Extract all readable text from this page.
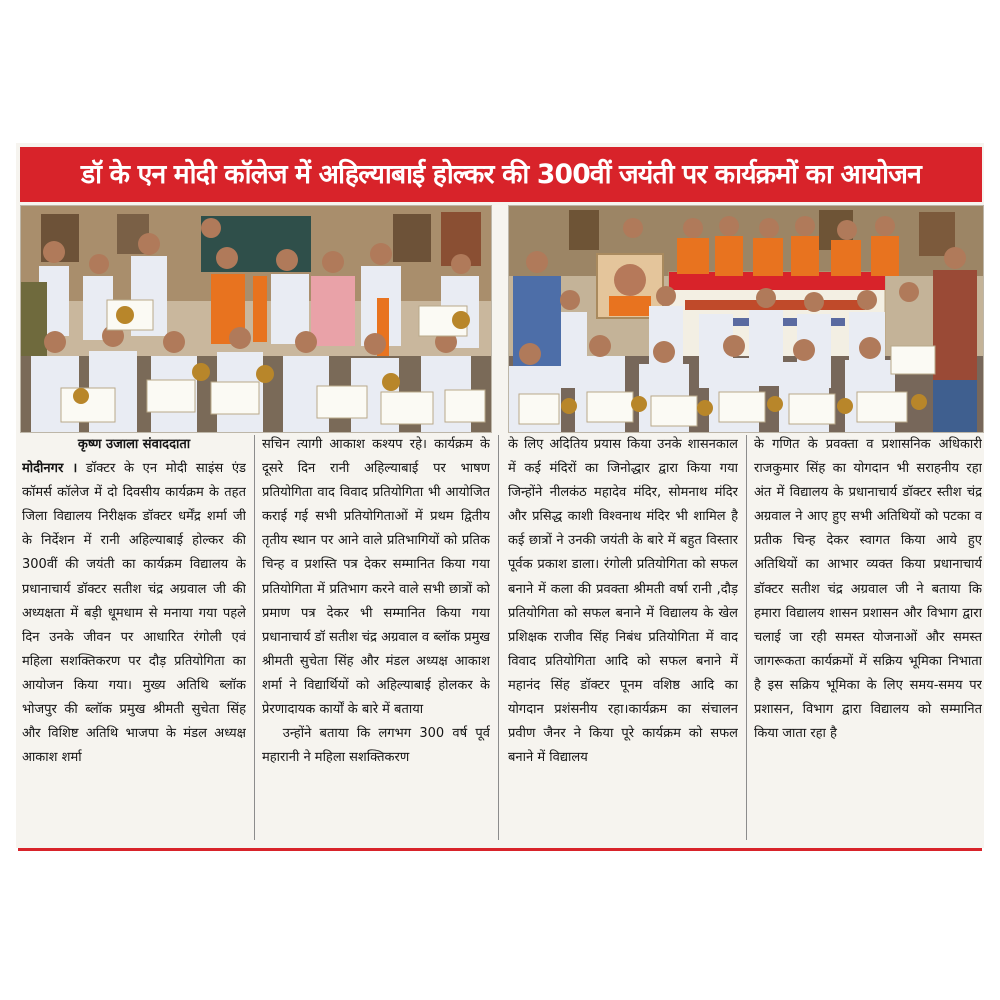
डॉ के एन मोदी कॉलेज में अहिल्याबाई होल्कर की 300वीं जयंती पर कार्यक्रमों का आयोजन

कृष्ण उजाला संवाददाता

मोदीनगर । डॉक्टर के एन मोदी साइंस एंड कॉमर्स कॉलेज में दो दिवसीय कार्यक्रम के तहत जिला विद्यालय निरीक्षक डॉक्टर धर्मेंद्र शर्मा जी के निर्देशन में रानी अहिल्याबाई होल्कर की 300वीं की जयंती का कार्यक्रम विद्यालय के प्रधानाचार्य डॉक्टर सतीश चंद्र अग्रवाल जी की अध्यक्षता में बड़ी धूमधाम से मनाया गया पहले दिन उनके जीवन पर आधारित रंगोली एवं महिला सशक्तिकरण पर दौड़ प्रतियोगिता का आयोजन किया गया। मुख्य अतिथि ब्लॉक भोजपुर की ब्लॉक प्रमुख श्रीमती सुचेता सिंह और विशिष्ट अतिथि भाजपा के मंडल अध्यक्ष आकाश शर्मा

सचिन त्यागी आकाश कश्यप रहे। कार्यक्रम के दूसरे दिन रानी अहिल्याबाई पर भाषण प्रतियोगिता वाद विवाद प्रतियोगिता भी आयोजित कराई गई सभी प्रतियोगिताओं में प्रथम द्वितीय तृतीय स्थान पर आने वाले प्रतिभागियों को प्रतिक चिन्ह व प्रशस्ति पत्र देकर सम्मानित किया गया प्रतियोगिता में प्रतिभाग करने वाले सभी छात्रों को प्रमाण पत्र देकर भी सम्मानित किया गया प्रधानाचार्य डॉ सतीश चंद्र अग्रवाल व ब्लॉक प्रमुख श्रीमती सुचेता सिंह और मंडल अध्यक्ष आकाश शर्मा ने विद्यार्थियों को अहिल्याबाई होलकर के प्रेरणादायक कार्यों के बारे में बताया

उन्होंने बताया कि लगभग 300 वर्ष पूर्व महारानी ने महिला सशक्तिकरण

के लिए अदितिय प्रयास किया उनके शासनकाल में कई मंदिरों का जिनोद्धार द्वारा किया गया जिन्होंने नीलकंठ महादेव मंदिर, सोमनाथ मंदिर और प्रसिद्ध काशी विश्वनाथ मंदिर भी शामिल है कई छात्रों ने उनकी जयंती के बारे में बहुत विस्तार पूर्वक प्रकाश डाला। रंगोली प्रतियोगिता को सफल बनाने में कला की प्रवक्ता श्रीमती वर्षा रानी ,दौड़ प्रतियोगिता को सफल बनाने में विद्यालय के खेल प्रशिक्षक राजीव सिंह निबंध प्रतियोगिता में वाद विवाद प्रतियोगिता आदि को सफल बनाने में महानंद सिंह डॉक्टर पूनम वशिष्ठ आदि का योगदान प्रशंसनीय रहा।कार्यक्रम का संचालन प्रवीण जैनर ने किया पूरे कार्यक्रम को सफल बनाने में विद्यालय

के गणित के प्रवक्ता व प्रशासनिक अधिकारी राजकुमार सिंह का योगदान भी सराहनीय रहा अंत में विद्यालय के प्रधानाचार्य डॉक्टर स्तीश चंद्र अग्रवाल ने आए हुए सभी अतिथियों को पटका व प्रतीक चिन्ह देकर स्वागत किया आये हुए अतिथियों का आभार व्यक्त किया प्रधानाचार्य डॉक्टर सतीश चंद्र अग्रवाल जी ने बताया कि हमारा विद्यालय शासन प्रशासन और विभाग द्वारा चलाई जा रही समस्त योजनाओं और समस्त जागरूकता कार्यक्रमों में सक्रिय भूमिका निभाता है इस सक्रिय भूमिका के लिए समय-समय पर प्रशासन, विभाग द्वारा विद्यालय को सम्मानित किया जाता रहा है
